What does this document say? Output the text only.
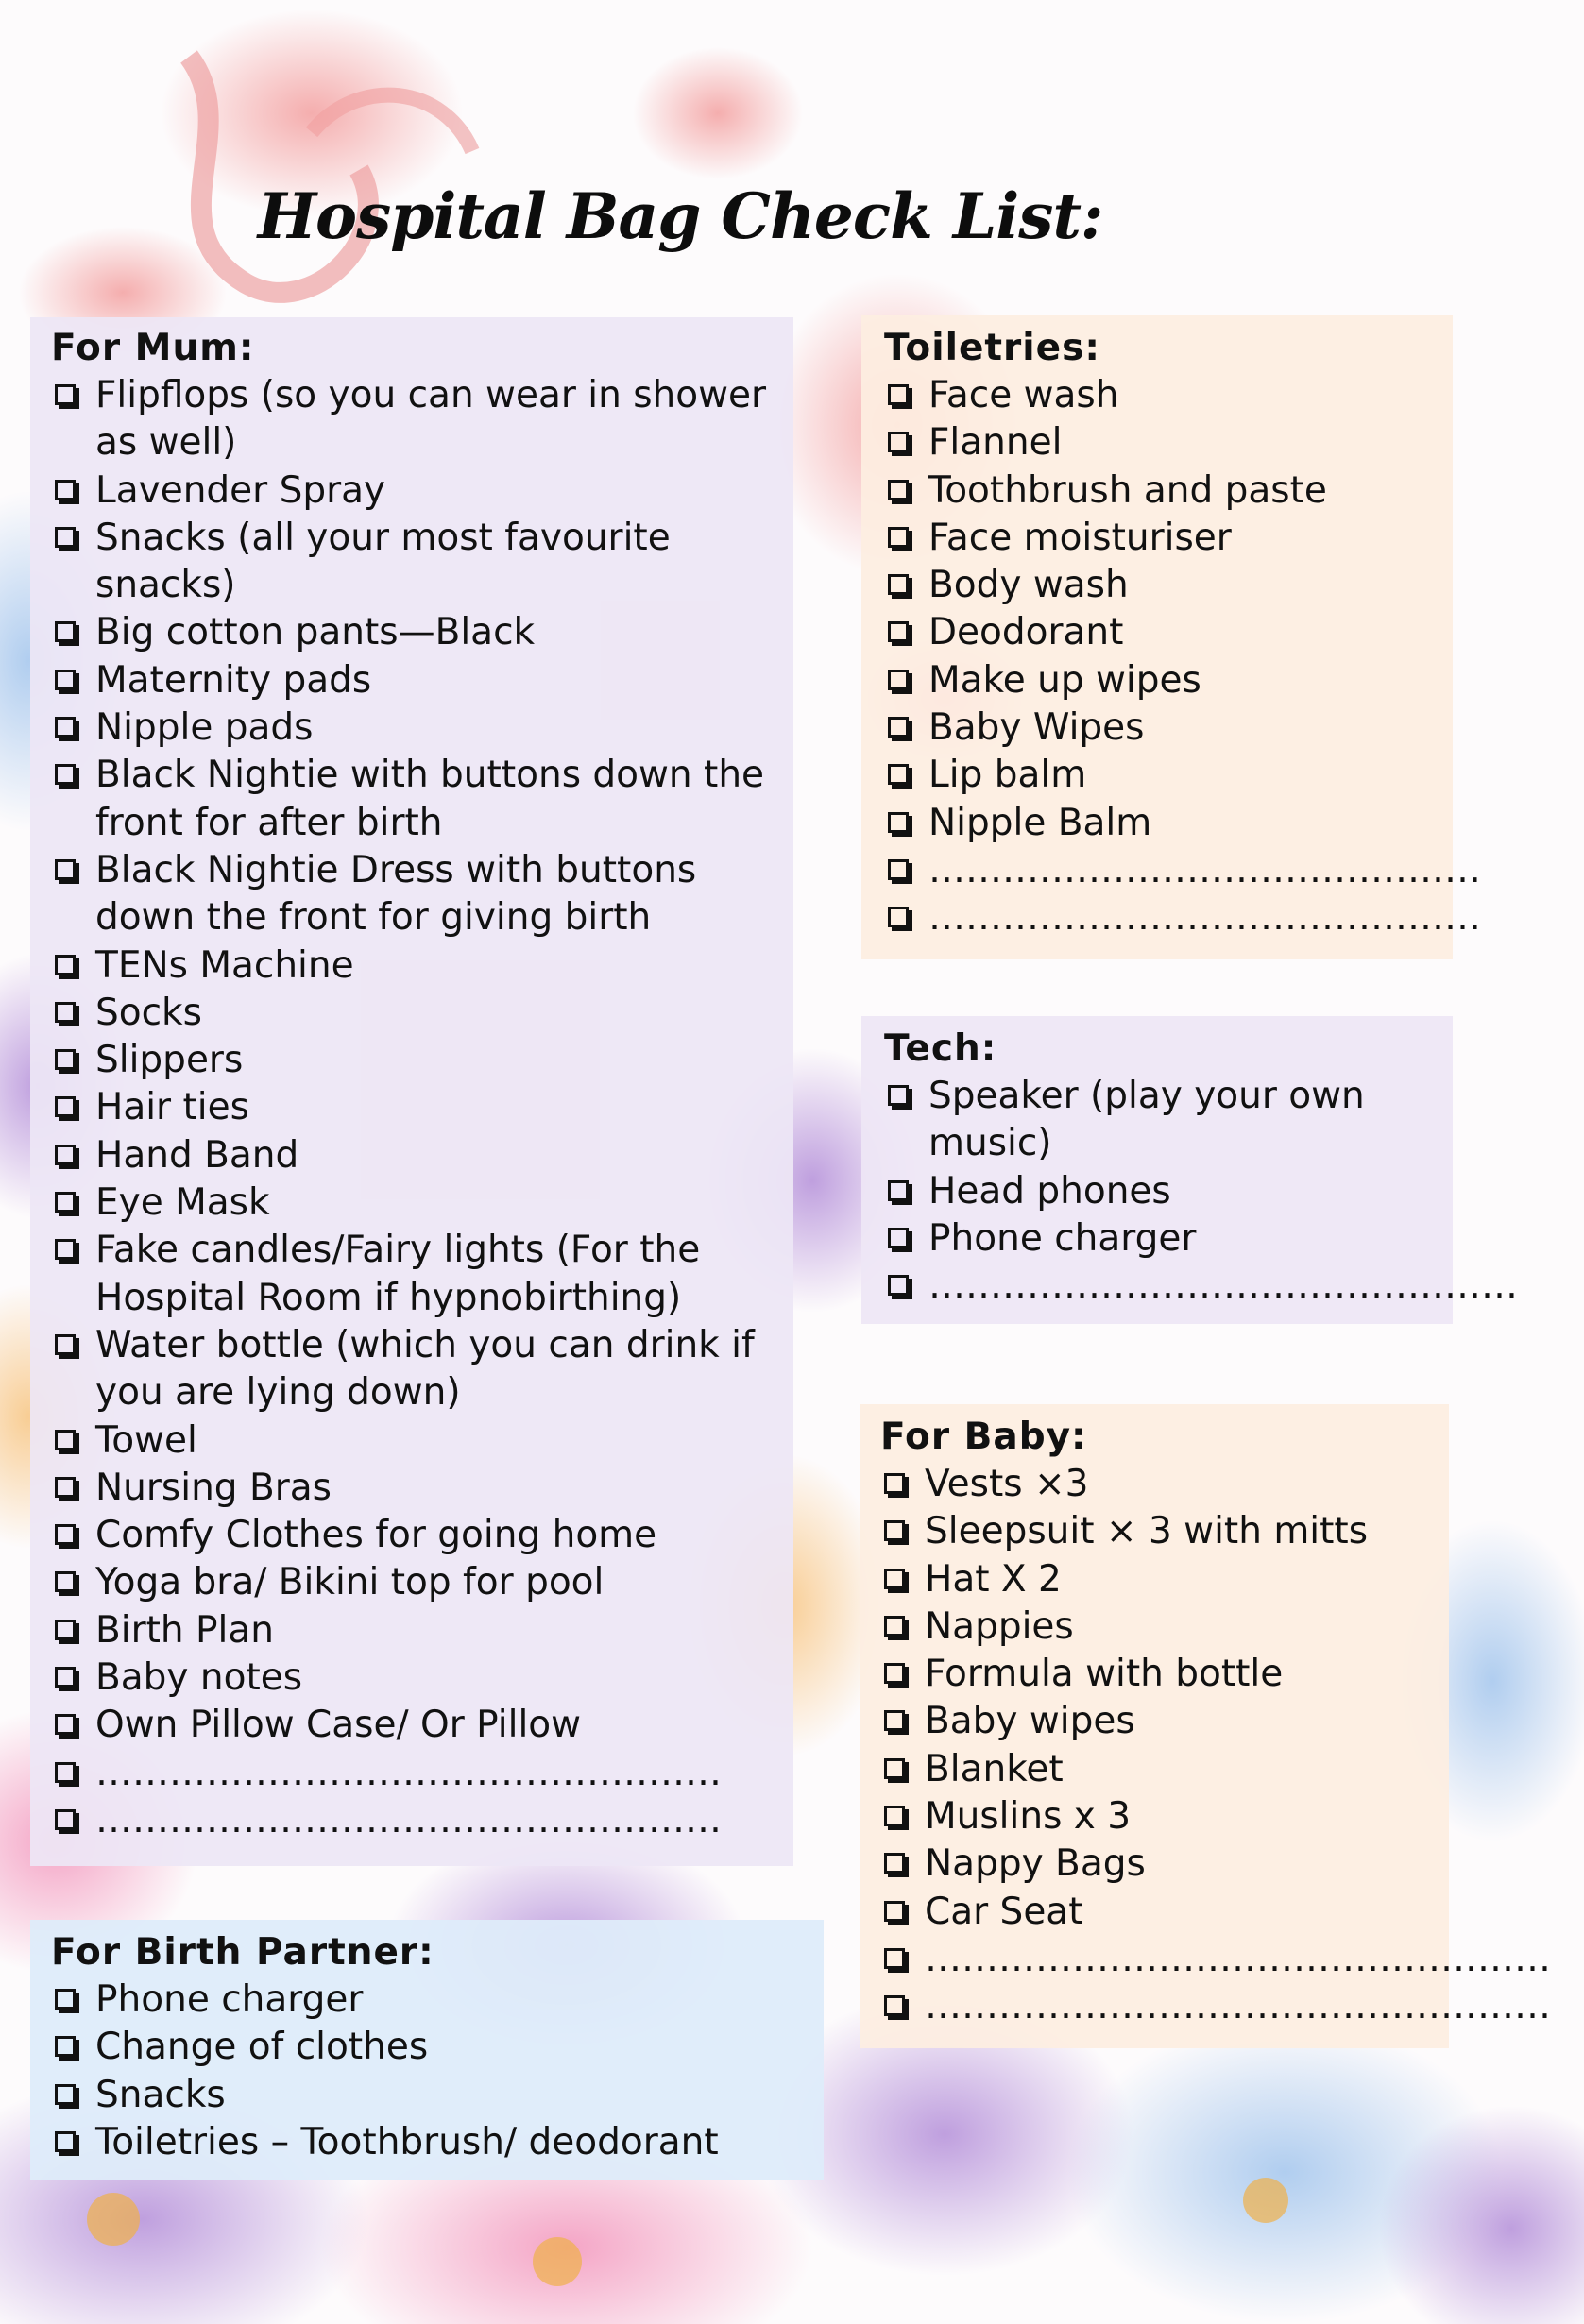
Hospital Bag Check List:
For Mum:
Flipflops (so you can wear in shower as well)
Lavender Spray
Snacks (all your most favourite snacks)
Big cotton pants—Black
Maternity pads
Nipple pads
Black Nightie with buttons down the front for after birth
Black Nightie Dress with buttons down the front for giving birth
TENs Machine
Socks
Slippers
Hair ties
Hand Band
Eye Mask
Fake candles/Fairy lights (For the Hospital Room if hypnobirthing)
Water bottle (which you can drink if you are lying down)
Towel
Nursing Bras
Comfy Clothes for going home
Yoga bra/ Bikini top for pool
Birth Plan
Baby notes
Own Pillow Case/ Or Pillow
……………………………………………
……………………………………………
For Birth Partner:
Phone charger
Change of clothes
Snacks
Toiletries – Toothbrush/ deodorant
Toiletries:
Face wash
Flannel
Toothbrush and paste
Face moisturiser
Body wash
Deodorant
Make up wipes
Baby Wipes
Lip balm
Nipple Balm
………………………………………
………………………………………
Tech:
Speaker (play your own music)
Head phones
Phone charger
…………………………………………
For Baby:
Vests ×3
Sleepsuit × 3 with mitts
Hat X 2
Nappies
Formula with bottle
Baby wipes
Blanket
Muslins x 3
Nappy Bags
Car Seat
……………………………………………
……………………………………………
